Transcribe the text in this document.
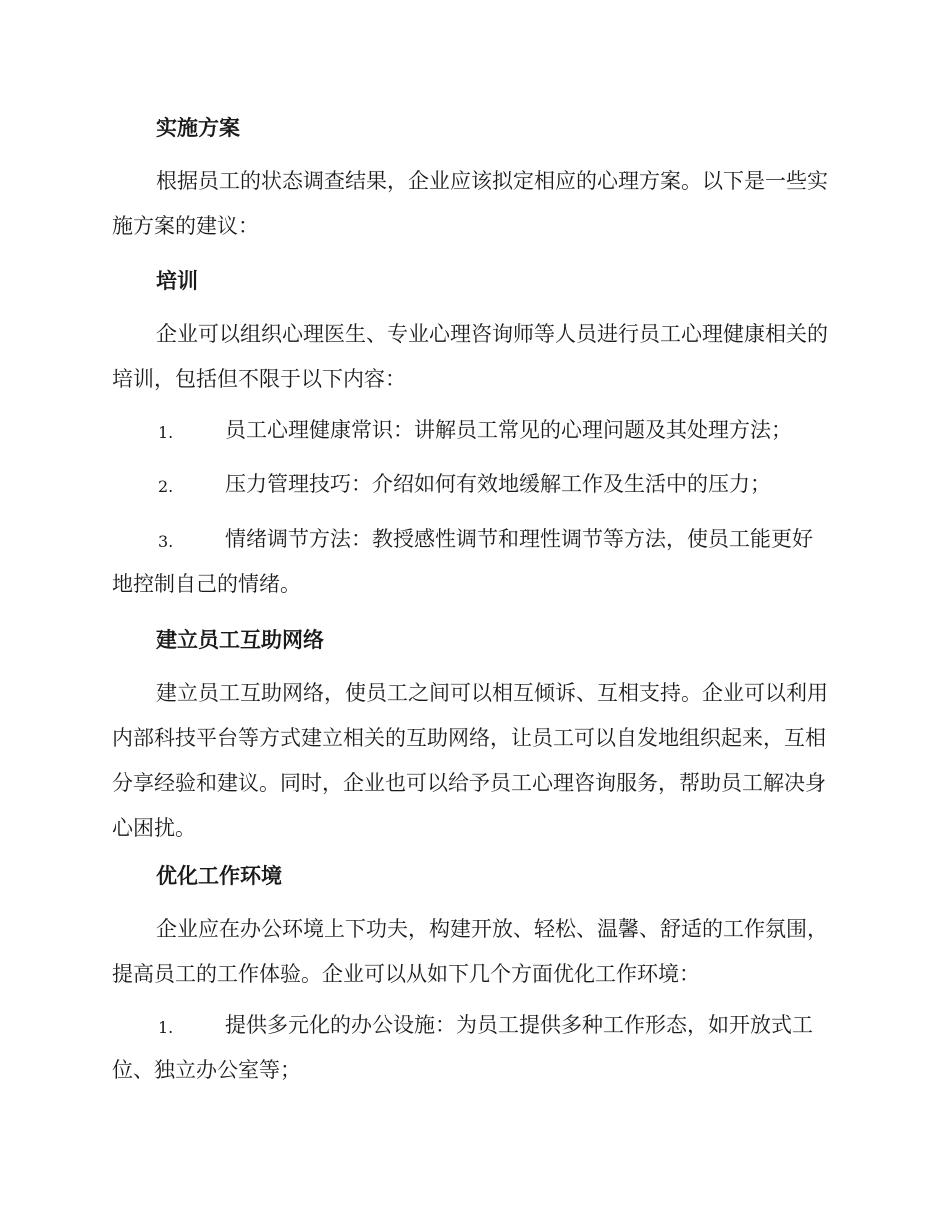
实施方案

根据员工的状态调查结果，企业应该拟定相应的心理方案。以下是一些实施方案的建议：

培训

企业可以组织心理医生、专业心理咨询师等人员进行员工心理健康相关的培训，包括但不限于以下内容：

1.	员工心理健康常识：讲解员工常见的心理问题及其处理方法；
2.	压力管理技巧：介绍如何有效地缓解工作及生活中的压力；
3.	情绪调节方法：教授感性调节和理性调节等方法，使员工能更好
地控制自己的情绪。
建立员工互助网络

建立员工互助网络，使员工之间可以相互倾诉、互相支持。企业可以利用内部科技平台等方式建立相关的互助网络，让员工可以自发地组织起来，互相分享经验和建议。同时，企业也可以给予员工心理咨询服务，帮助员工解决身心困扰。

优化工作环境

企业应在办公环境上下功夫，构建开放、轻松、温馨、舒适的工作氛围，提高员工的工作体验。企业可以从如下几个方面优化工作环境：

1.	提供多元化的办公设施：为员工提供多种工作形态，如开放式工
位、独立办公室等；
